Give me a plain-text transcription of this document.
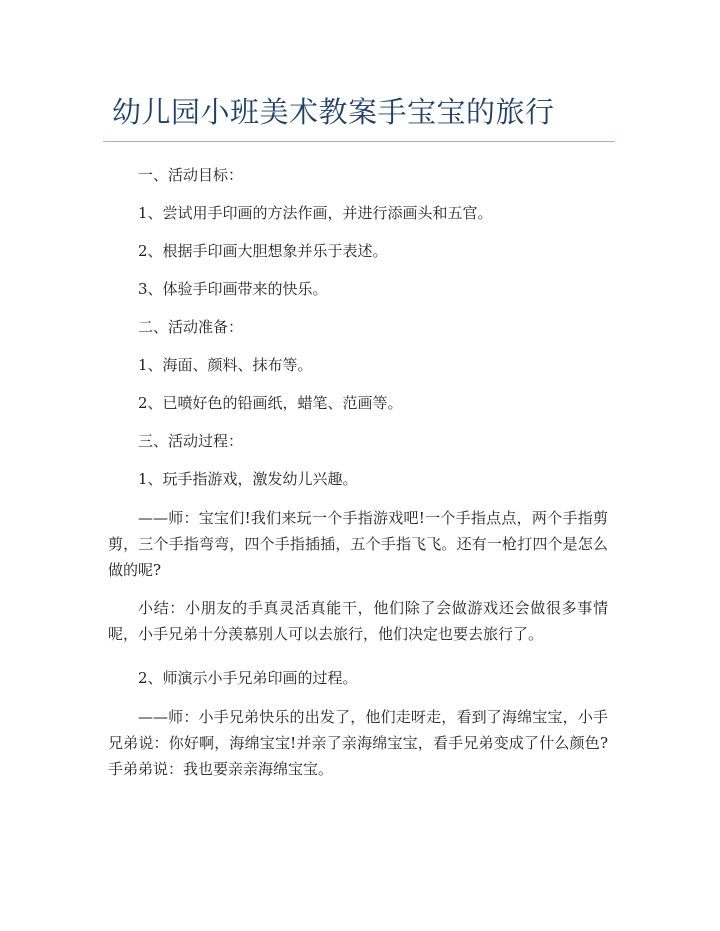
幼儿园小班美术教案手宝宝的旅行

一、活动目标：

1、尝试用手印画的方法作画，并进行添画头和五官。

2、根据手印画大胆想象并乐于表述。

3、体验手印画带来的快乐。

二、活动准备：

1、海面、颜料、抹布等。

2、已喷好色的铅画纸，蜡笔、范画等。

三、活动过程：

1、玩手指游戏，激发幼儿兴趣。

——师：宝宝们!我们来玩一个手指游戏吧!一个手指点点，两个手指剪剪，三个手指弯弯，四个手指插插，五个手指飞飞。还有一枪打四个是怎么做的呢?

小结：小朋友的手真灵活真能干，他们除了会做游戏还会做很多事情呢，小手兄弟十分羡慕别人可以去旅行，他们决定也要去旅行了。

2、师演示小手兄弟印画的过程。

——师：小手兄弟快乐的出发了，他们走呀走，看到了海绵宝宝，小手兄弟说：你好啊，海绵宝宝!并亲了亲海绵宝宝，看手兄弟变成了什么颜色?手弟弟说：我也要亲亲海绵宝宝。
